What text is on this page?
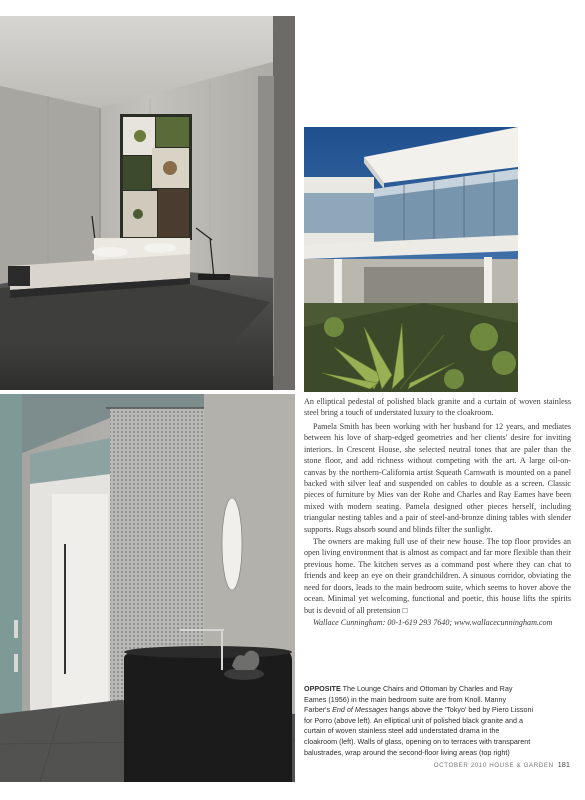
An elliptical pedestal of polished black granite and a curtain of woven stainless steel bring a touch of understated luxury to the cloakroom.

Pamela Smith has been working with her husband for 12 years, and mediates between his love of sharp-edged geometries and her clients' desire for inviting interiors. In Crescent House, she selected neutral tones that are paler than the stone floor, and add richness without competing with the art. A large oil-on-canvas by the northern-California artist Squeath Carnwath is mounted on a panel backed with silver leaf and suspended on cables to double as a screen. Classic pieces of furniture by Mies van der Rohe and Charles and Ray Eames have been mixed with modern seating. Pamela designed other pieces herself, including triangular nesting tables and a pair of steel-and-bronze dining tables with slender supports. Rugs absorb sound and blinds filter the sunlight.

The owners are making full use of their new house. The top floor provides an open living environment that is almost as compact and far more flexible than their previous home. The kitchen serves as a command post where they can chat to friends and keep an eye on their grandchildren. A sinuous corridor, obviating the need for doors, leads to the main bedroom suite, which seems to hover above the ocean. Minimal yet welcoming, functional and poetic, this house lifts the spirits but is devoid of all pretension □

Wallace Cunningham: 00-1-619 293 7640; www.wallacecunningham.com

OPPOSITE The Lounge Chairs and Ottoman by Charles and Ray Eames (1956) in the main bedroom suite are from Knoll. Manny Farber's End of Messages hangs above the 'Tokyo' bed by Piero Lissoni for Porro (above left). An elliptical unit of polished black granite and a curtain of woven stainless steel add understated drama in the cloakroom (left). Walls of glass, opening on to terraces with transparent balustrades, wrap around the second-floor living areas (top right)

OCTOBER 2010 HOUSE & GARDEN 181
